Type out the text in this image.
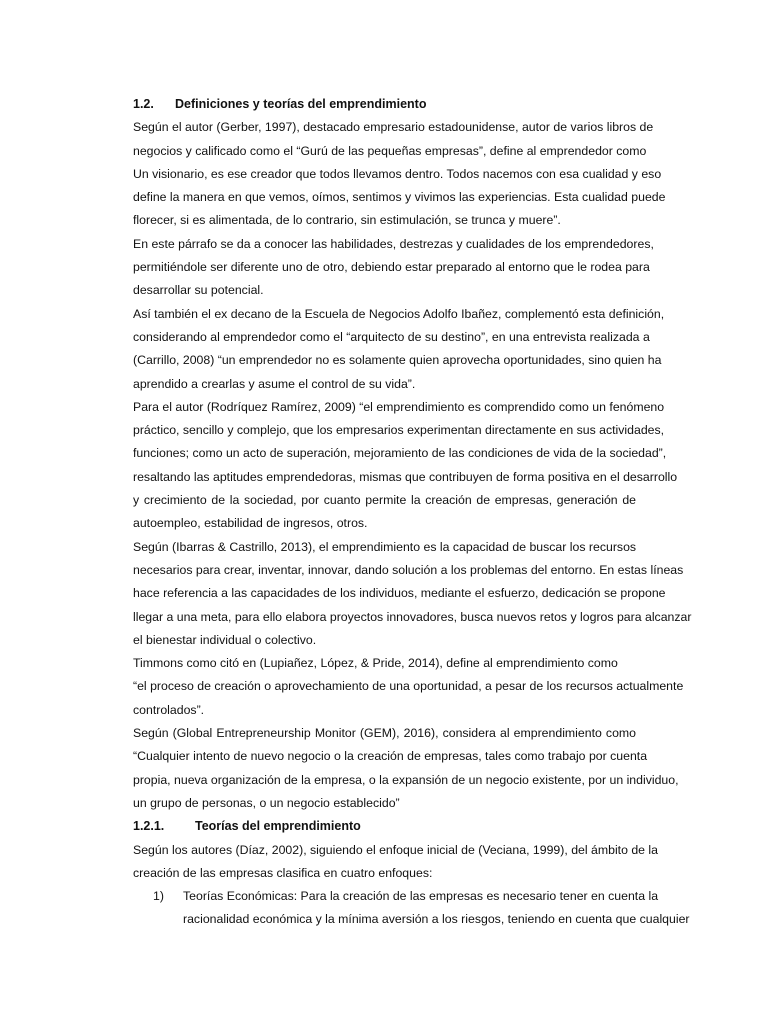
1.2. Definiciones y teorías del emprendimiento
Según el autor (Gerber, 1997), destacado empresario estadounidense, autor de varios libros de
negocios y calificado como el “Gurú de las pequeñas empresas”, define al emprendedor como
Un visionario, es ese creador que todos llevamos dentro. Todos nacemos con esa cualidad y eso
define la manera en que vemos, oímos, sentimos y vivimos las experiencias. Esta cualidad puede
florecer, si es alimentada, de lo contrario, sin estimulación, se trunca y muere”.
En este párrafo se da a conocer las habilidades, destrezas y cualidades de los emprendedores,
permitiéndole ser diferente uno de otro, debiendo estar preparado al entorno que le rodea para
desarrollar su potencial.
Así también el ex decano de la Escuela de Negocios Adolfo Ibañez, complementó esta definición,
considerando al emprendedor como el “arquitecto de su destino”, en una entrevista realizada a
(Carrillo, 2008) “un emprendedor no es solamente quien aprovecha oportunidades, sino quien ha
aprendido a crearlas y asume el control de su vida”.
Para el autor (Rodríquez Ramírez, 2009) “el emprendimiento es comprendido como un fenómeno
práctico, sencillo y complejo, que los empresarios experimentan directamente en sus actividades,
funciones; como un acto de superación, mejoramiento de las condiciones de vida de la sociedad”,
resaltando las aptitudes emprendedoras, mismas que contribuyen de forma positiva en el desarrollo
y crecimiento de la sociedad, por cuanto permite la creación de empresas, generación de
autoempleo, estabilidad de ingresos, otros.
Según (Ibarras & Castrillo, 2013), el emprendimiento es la capacidad de buscar los recursos
necesarios para crear, inventar, innovar, dando solución a los problemas del entorno. En estas líneas
hace referencia a las capacidades de los individuos, mediante el esfuerzo, dedicación se propone
llegar a una meta, para ello elabora proyectos innovadores, busca nuevos retos y logros para alcanzar
el bienestar individual o colectivo.
Timmons como citó en (Lupiañez, López, & Pride, 2014), define al emprendimiento como
“el proceso de creación o aprovechamiento de una oportunidad, a pesar de los recursos actualmente
controlados”.
Según (Global Entrepreneurship Monitor (GEM), 2016), considera al emprendimiento como
“Cualquier intento de nuevo negocio o la creación de empresas, tales como trabajo por cuenta
propia, nueva organización de la empresa, o la expansión de un negocio existente, por un individuo,
un grupo de personas, o un negocio establecido”
1.2.1. Teorías del emprendimiento
Según los autores (Díaz, 2002), siguiendo el enfoque inicial de (Veciana, 1999), del ámbito de la
creación de las empresas clasifica en cuatro enfoques:
1)	Teorías Económicas: Para la creación de las empresas es necesario tener en cuenta la
racionalidad económica y la mínima aversión a los riesgos, teniendo en cuenta que cualquier
